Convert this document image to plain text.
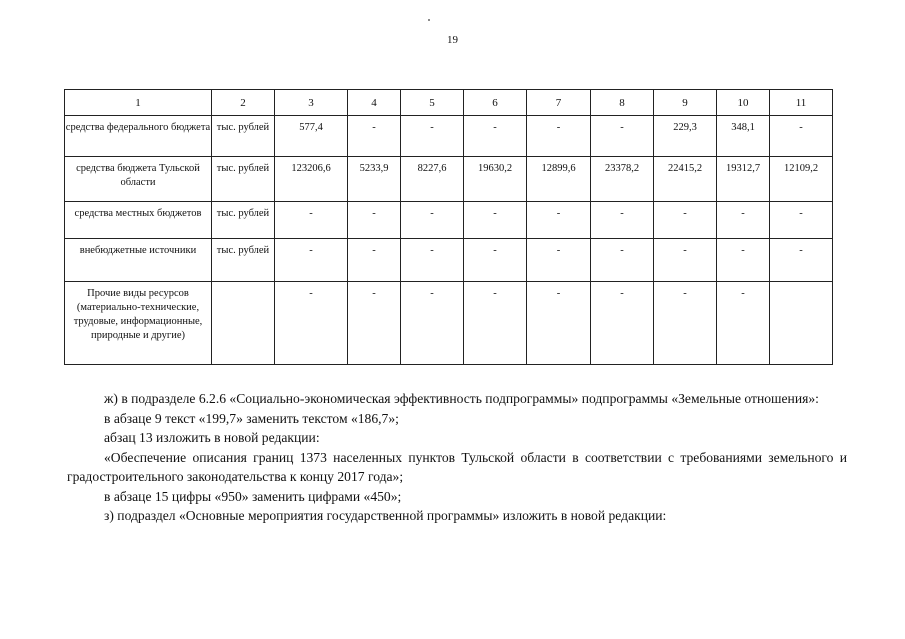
19
1	2	3	4	5	6	7	8	9	10	11

средства федерального бюджета	тыс. рублей	577,4	-	-	-	-	-	229,3	348,1	-

средства бюджета Тульской области	тыс. рублей	123206,6	5233,9	8227,6	19630,2	12899,6	23378,2	22415,2	19312,7	12109,2

средства местных бюджетов	тыс. рублей	-	-	-	-	-	-	-	-	-

внебюджетные источники	тыс. рублей	-	-	-	-	-	-	-	-	-

Прочие виды ресурсов (материально-технические, трудовые, информационные, природные и другие)		-	-	-	-	-	-	-	-	

ж) в подразделе 6.2.6 «Социально-экономическая эффективность подпрограммы» подпрограммы «Земельные отношения»:

в абзаце 9 текст «199,7» заменить текстом «186,7»;

абзац 13 изложить в новой редакции:

«Обеспечение описания границ 1373 населенных пунктов Тульской области в соответствии с требованиями земельного и градостроительного законодательства к концу 2017 года»;

в абзаце 15 цифры «950» заменить цифрами «450»;

з) подраздел «Основные мероприятия государственной программы» изложить в новой редакции:
